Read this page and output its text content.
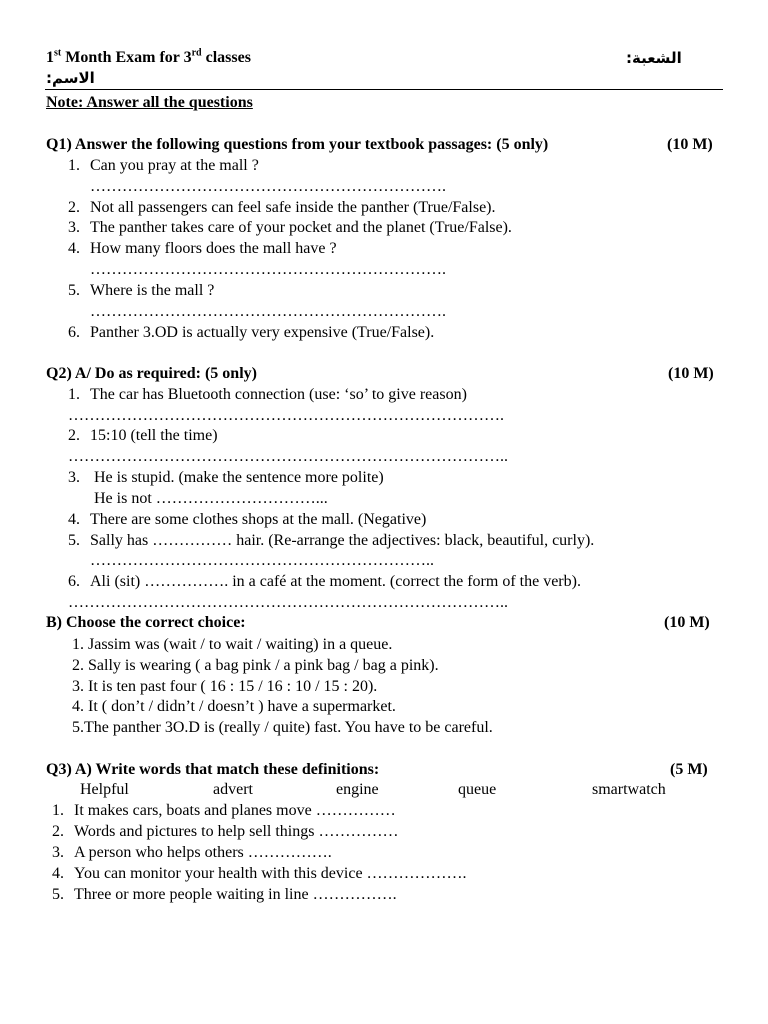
1st Month Exam for 3rd classes	الشعبة:
الاسم:
Note: Answer all the questions
Q1) Answer the following questions from your textbook passages: (5 only)	(10 M)
1. Can you pray at the mall ?
………………………………………………………….
2. Not all passengers can feel safe inside the panther (True/False).
3. The panther takes care of your pocket and the planet (True/False).
4. How many floors does the mall have ?
………………………………………………………….
5. Where is the mall ?
………………………………………………………….
6. Panther 3.OD is actually very expensive (True/False).
Q2) A/ Do as required: (5 only)	(10 M)
1. The car has Bluetooth connection (use: ‘so’ to give reason)
……………………………………………………………………….
2. 15:10 (tell the time)
………………………………………………………………………..
3. He is stupid. (make the sentence more polite)
He is not …………………………...
4. There are some clothes shops at the mall. (Negative)
5. Sally has …………… hair. (Re-arrange the adjectives: black, beautiful, curly).
………………………………………………………..
6. Ali (sit) ……………. in a café at the moment. (correct the form of the verb).
………………………………………………………………………..
B) Choose the correct choice:	(10 M)
1. Jassim was (wait / to wait / waiting) in a queue.
2. Sally is wearing ( a bag pink / a pink bag / bag a pink).
3. It is ten past four ( 16 : 15 / 16 : 10 / 15 : 20).
4. It ( don’t / didn’t / doesn’t ) have a supermarket.
5.The panther 3O.D is (really / quite) fast. You have to be careful.
Q3) A) Write words that match these definitions:	(5 M)
Helpful	advert	engine	queue	smartwatch
1. It makes cars, boats and planes move ……………
2. Words and pictures to help sell things ……………
3. A person who helps others …………….
4. You can monitor your health with this device ……………….
5. Three or more people waiting in line …………….
